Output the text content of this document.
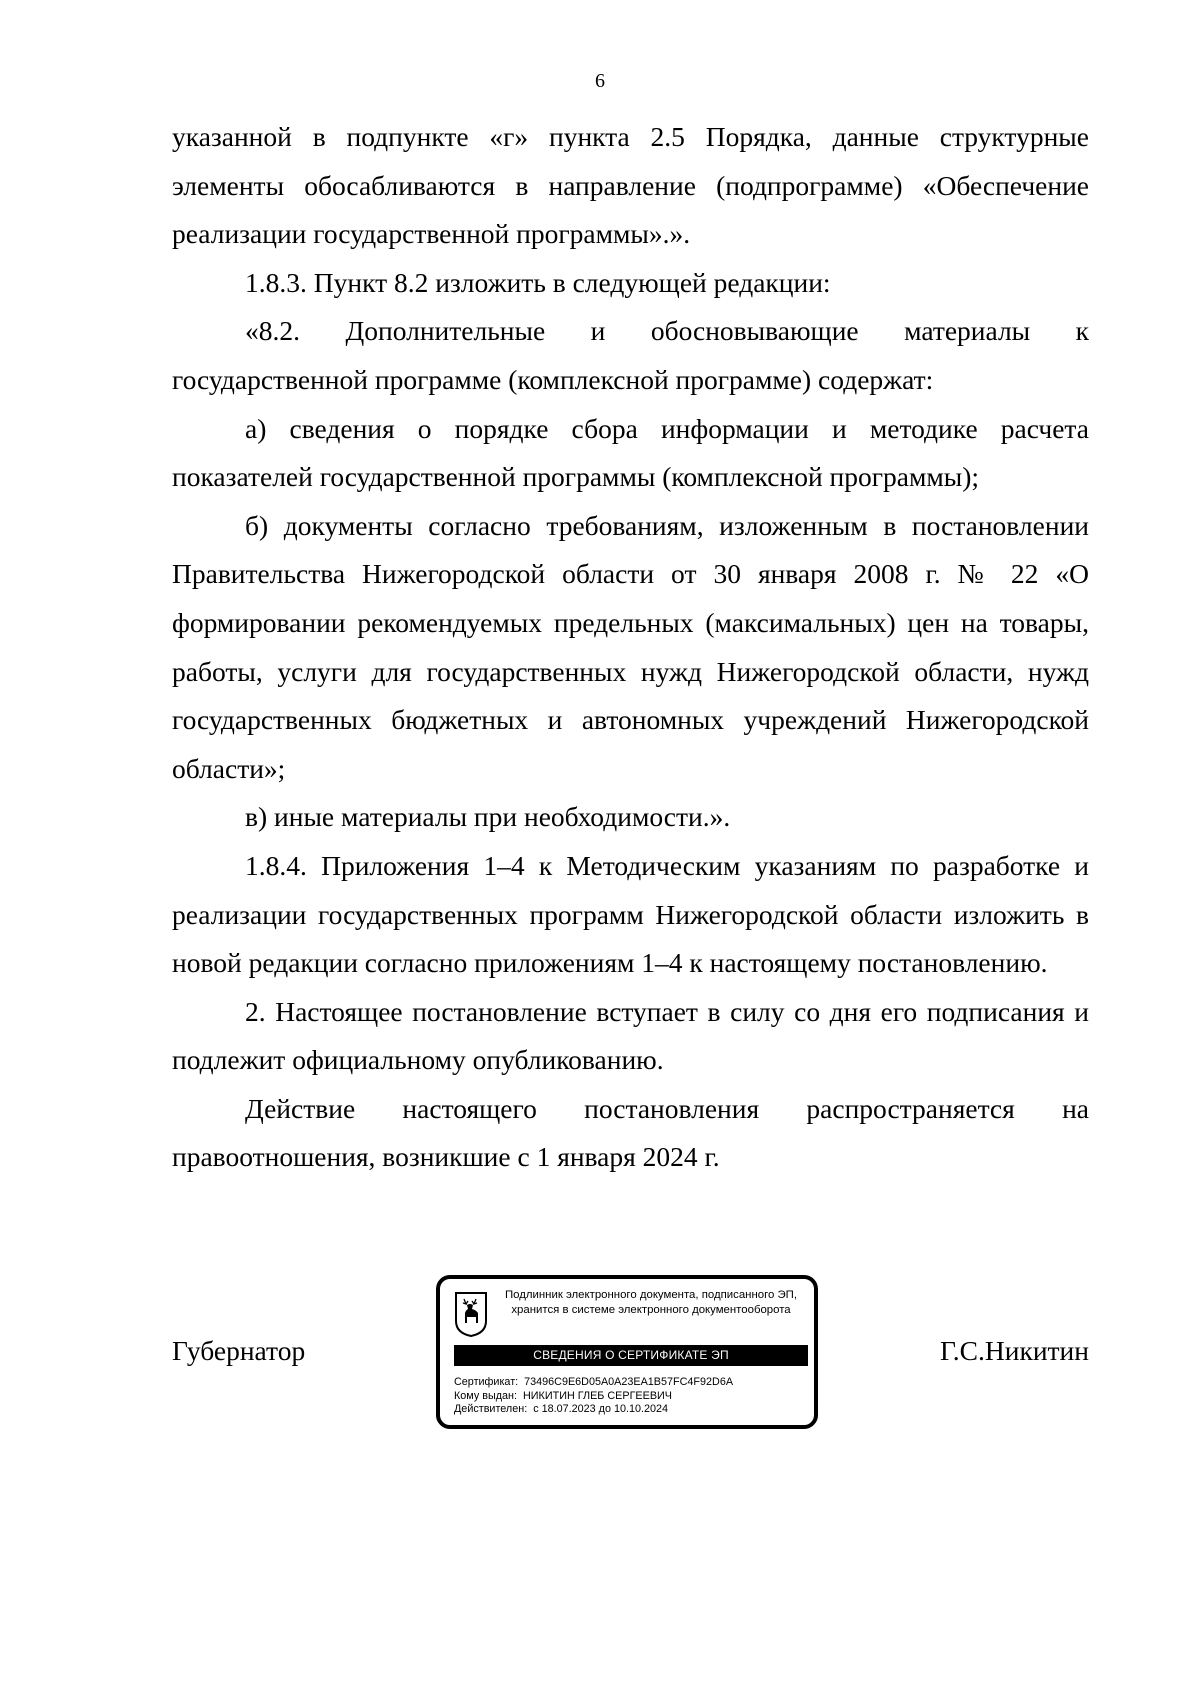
6

указанной в подпункте «г» пункта 2.5 Порядка, данные структурные элементы обосабливаются в направление (подпрограмме) «Обеспечение реализации государственной программы».».

1.8.3. Пункт 8.2 изложить в следующей редакции:

«8.2. Дополнительные и обосновывающие материалы к государственной программе (комплексной программе) содержат:

а) сведения о порядке сбора информации и методике расчета показателей государственной программы (комплексной программы);

б) документы согласно требованиям, изложенным в постановлении Правительства Нижегородской области от 30 января 2008 г. № 22 «О формировании рекомендуемых предельных (максимальных) цен на товары, работы, услуги для государственных нужд Нижегородской области, нужд государственных бюджетных и автономных учреждений Нижегородской области»;

в) иные материалы при необходимости.».

1.8.4. Приложения 1–4 к Методическим указаниям по разработке и реализации государственных программ Нижегородской области изложить в новой редакции согласно приложениям 1–4 к настоящему постановлению.

2. Настоящее постановление вступает в силу со дня его подписания и подлежит официальному опубликованию.

Действие настоящего постановления распространяется на правоотношения, возникшие с 1 января 2024 г.

Губернатор
Подлинник электронного документа, подписанного ЭП,
хранится в системе электронного документооборота
СВЕДЕНИЯ О СЕРТИФИКАТЕ ЭП
Сертификат: 73496C9E6D05A0A23EA1B57FC4F92D6A
Кому выдан: НИКИТИН ГЛЕБ СЕРГЕЕВИЧ
Действителен: с 18.07.2023 до 10.10.2024
Г.С.Никитин
